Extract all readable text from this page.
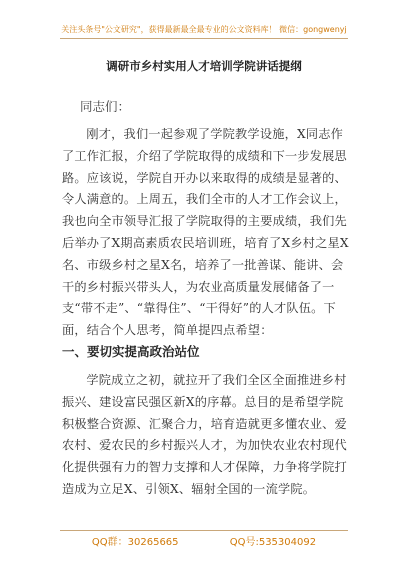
关注头条号"公文研究"，获得最新最全最专业的公文资料库！ 微信：gongwenyj
调研市乡村实用人才培训学院讲话提纲
同志们：

刚才，我们一起参观了学院教学设施，X同志作了工作汇报，介绍了学院取得的成绩和下一步发展思路。应该说，学院自开办以来取得的成绩是显著的、令人满意的。上周五，我们全市的人才工作会议上，我也向全市领导汇报了学院取得的主要成绩，我们先后举办了X期高素质农民培训班，培育了X乡村之星X名、市级乡村之星X名，培养了一批善谋、能讲、会干的乡村振兴带头人，为农业高质量发展储备了一支“带不走”、“靠得住”、“干得好”的人才队伍。下面，结合个人思考，简单提四点希望：

一、要切实提高政治站位

学院成立之初，就拉开了我们全区全面推进乡村振兴、建设富民强区新X的序幕。总目的是希望学院积极整合资源、汇聚合力，培育造就更多懂农业、爱农村、爱农民的乡村振兴人才，为加快农业农村现代化提供强有力的智力支撑和人才保障，力争将学院打造成为立足X、引领X、辐射全国的一流学院。

QQ群：30265665	QQ号:535304092
